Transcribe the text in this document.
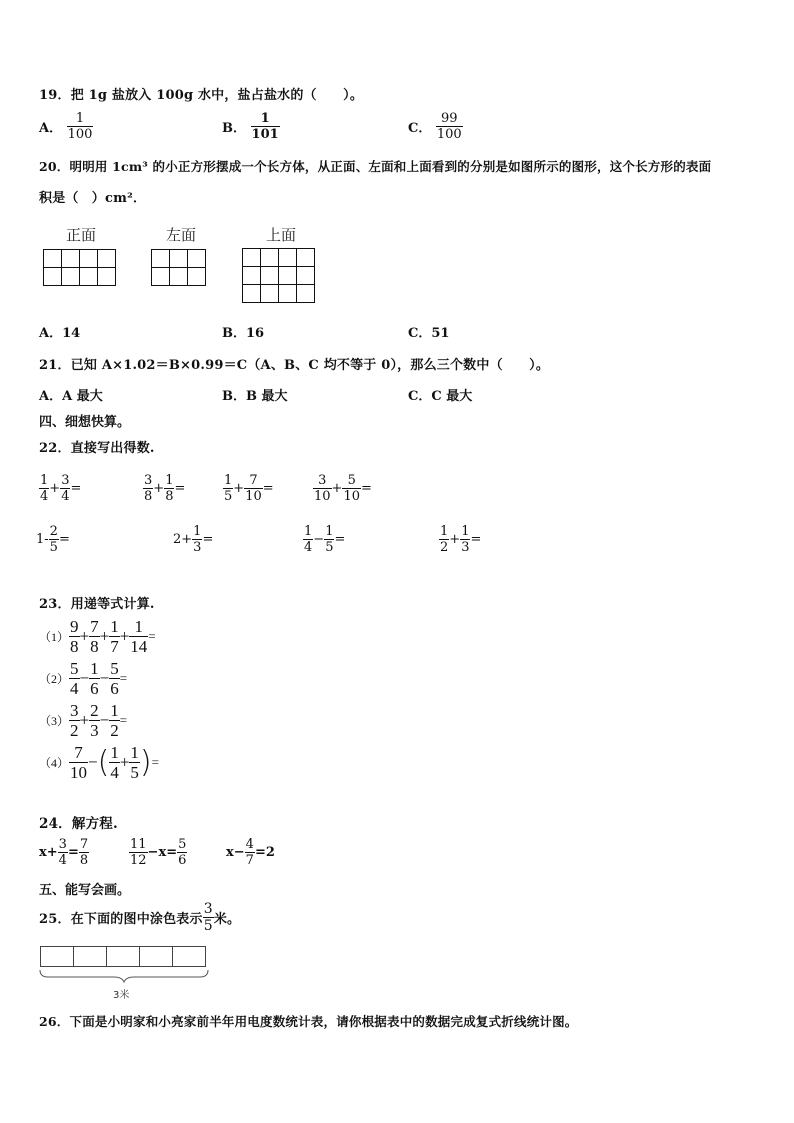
19．把 1g 盐放入 100g 水中，盐占盐水的（　　）。
A． $\frac{1}{100}$	B． $\frac{1}{101}$	C． $\frac{99}{100}$
20．明明用 1cm³ 的小正方形摆成一个长方体，从正面、左面和上面看到的分别是如图所示的图形，这个长方形的表面
积是（　）cm²．
正面	左面	上面

A．14	B．16	C．51
21．已知 A×1.02＝B×0.99＝C（A、B、C 均不等于 0），那么三个数中（　　）。
A．A 最大	B．B 最大	C．C 最大
四、细想快算。
22．直接写出得数.
$\frac{1}{4} + \frac{3}{4}$ =	$\frac{3}{8} + \frac{1}{8}$ =	$\frac{1}{5} + \frac{7}{10}$ =	$\frac{3}{10} + \frac{5}{10}$ =
$1- \frac{2}{5}$ =	$2+ \frac{1}{3}$ =	$\frac{1}{4} - \frac{1}{5}$ =	$\frac{1}{2} + \frac{1}{3}$ =
23．用递等式计算.
$(1) \frac{9}{8} + \frac{7}{8} + \frac{1}{7} + \frac{1}{14}$ =
$(2) \frac{5}{4} - \frac{1}{6} - \frac{5}{6}$ =
$(3) \frac{3}{2} + \frac{2}{3} - \frac{1}{2}$ =
$(4) \frac{7}{10}$ −( $\frac{1}{4} + \frac{1}{5}$ )=
24．解方程.
$x+ \frac{3}{4} = \frac{7}{8}$	$\frac{11}{12} -x= \frac{5}{6}$	$x- \frac{4}{7} =2$
五、能写会画。
25．在下面的图中涂色表示 $\frac{3}{5}$ 米。

3米
26．下面是小明家和小亮家前半年用电度数统计表，请你根据表中的数据完成复式折线统计图。
